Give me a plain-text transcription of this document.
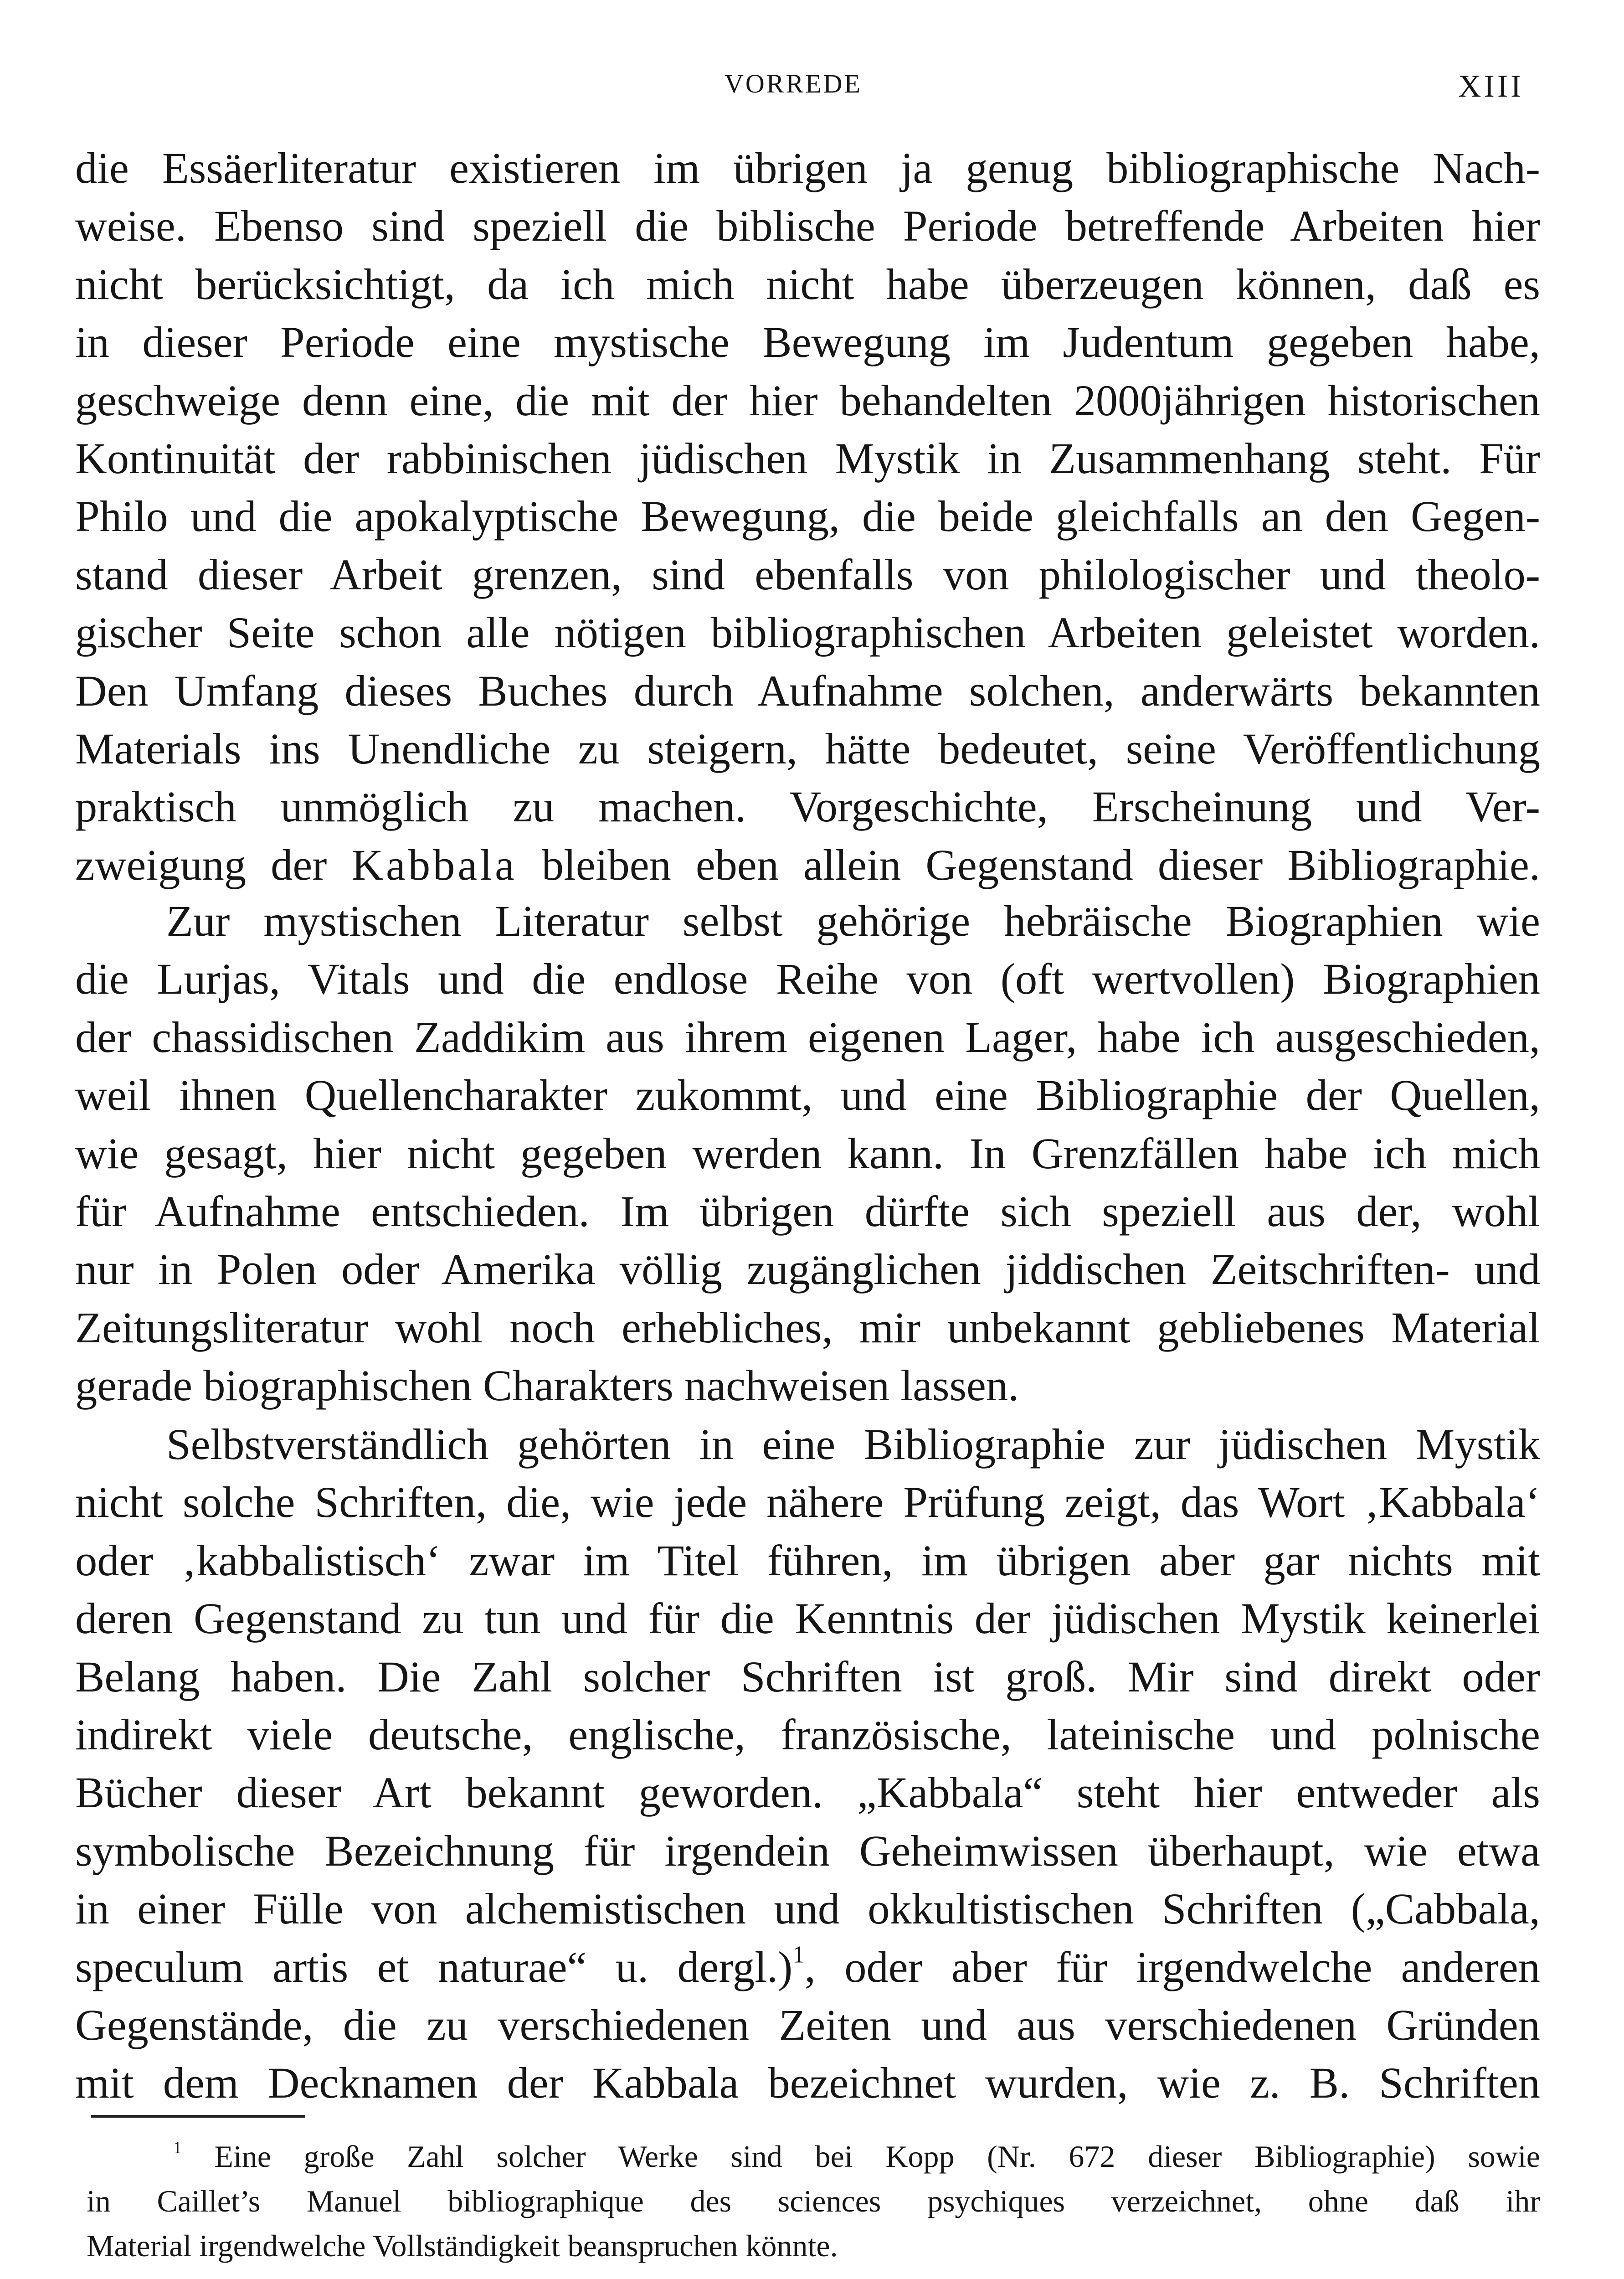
VORREDE	XIII

die Essäerliteratur existieren im übrigen ja genug bibliographische Nach-
weise. Ebenso sind speziell die biblische Periode betreffende Arbeiten hier
nicht berücksichtigt, da ich mich nicht habe überzeugen können, daß es
in dieser Periode eine mystische Bewegung im Judentum gegeben habe,
geschweige denn eine, die mit der hier behandelten 2000jährigen historischen
Kontinuität der rabbinischen jüdischen Mystik in Zusammenhang steht. Für
Philo und die apokalyptische Bewegung, die beide gleichfalls an den Gegen-
stand dieser Arbeit grenzen, sind ebenfalls von philologischer und theolo-
gischer Seite schon alle nötigen bibliographischen Arbeiten geleistet worden.
Den Umfang dieses Buches durch Aufnahme solchen, anderwärts bekannten
Materials ins Unendliche zu steigern, hätte bedeutet, seine Veröffentlichung
praktisch unmöglich zu machen. Vorgeschichte, Erscheinung und Ver-
zweigung der Kabbala bleiben eben allein Gegenstand dieser Bibliographie.

Zur mystischen Literatur selbst gehörige hebräische Biographien wie
die Lurjas, Vitals und die endlose Reihe von (oft wertvollen) Biographien
der chassidischen Zaddikim aus ihrem eigenen Lager, habe ich ausgeschieden,
weil ihnen Quellencharakter zukommt, und eine Bibliographie der Quellen,
wie gesagt, hier nicht gegeben werden kann. In Grenzfällen habe ich mich
für Aufnahme entschieden. Im übrigen dürfte sich speziell aus der, wohl
nur in Polen oder Amerika völlig zugänglichen jiddischen Zeitschriften- und
Zeitungsliteratur wohl noch erhebliches, mir unbekannt gebliebenes Material
gerade biographischen Charakters nachweisen lassen.

Selbstverständlich gehörten in eine Bibliographie zur jüdischen Mystik
nicht solche Schriften, die, wie jede nähere Prüfung zeigt, das Wort ‚Kabbala‘
oder ‚kabbalistisch‘ zwar im Titel führen, im übrigen aber gar nichts mit
deren Gegenstand zu tun und für die Kenntnis der jüdischen Mystik keinerlei
Belang haben. Die Zahl solcher Schriften ist groß. Mir sind direkt oder
indirekt viele deutsche, englische, französische, lateinische und polnische
Bücher dieser Art bekannt geworden. „Kabbala“ steht hier entweder als
symbolische Bezeichnung für irgendein Geheimwissen überhaupt, wie etwa
in einer Fülle von alchemistischen und okkultistischen Schriften („Cabbala,
speculum artis et naturae“ u. dergl.)$^1$, oder aber für irgendwelche anderen
Gegenstände, die zu verschiedenen Zeiten und aus verschiedenen Gründen
mit dem Decknamen der Kabbala bezeichnet wurden, wie z. B. Schriften

$^1$ Eine große Zahl solcher Werke sind bei Kopp (Nr. 672 dieser Bibliographie) sowie
in Caillet’s Manuel bibliographique des sciences psychiques verzeichnet, ohne daß ihr
Material irgendwelche Vollständigkeit beanspruchen könnte.
